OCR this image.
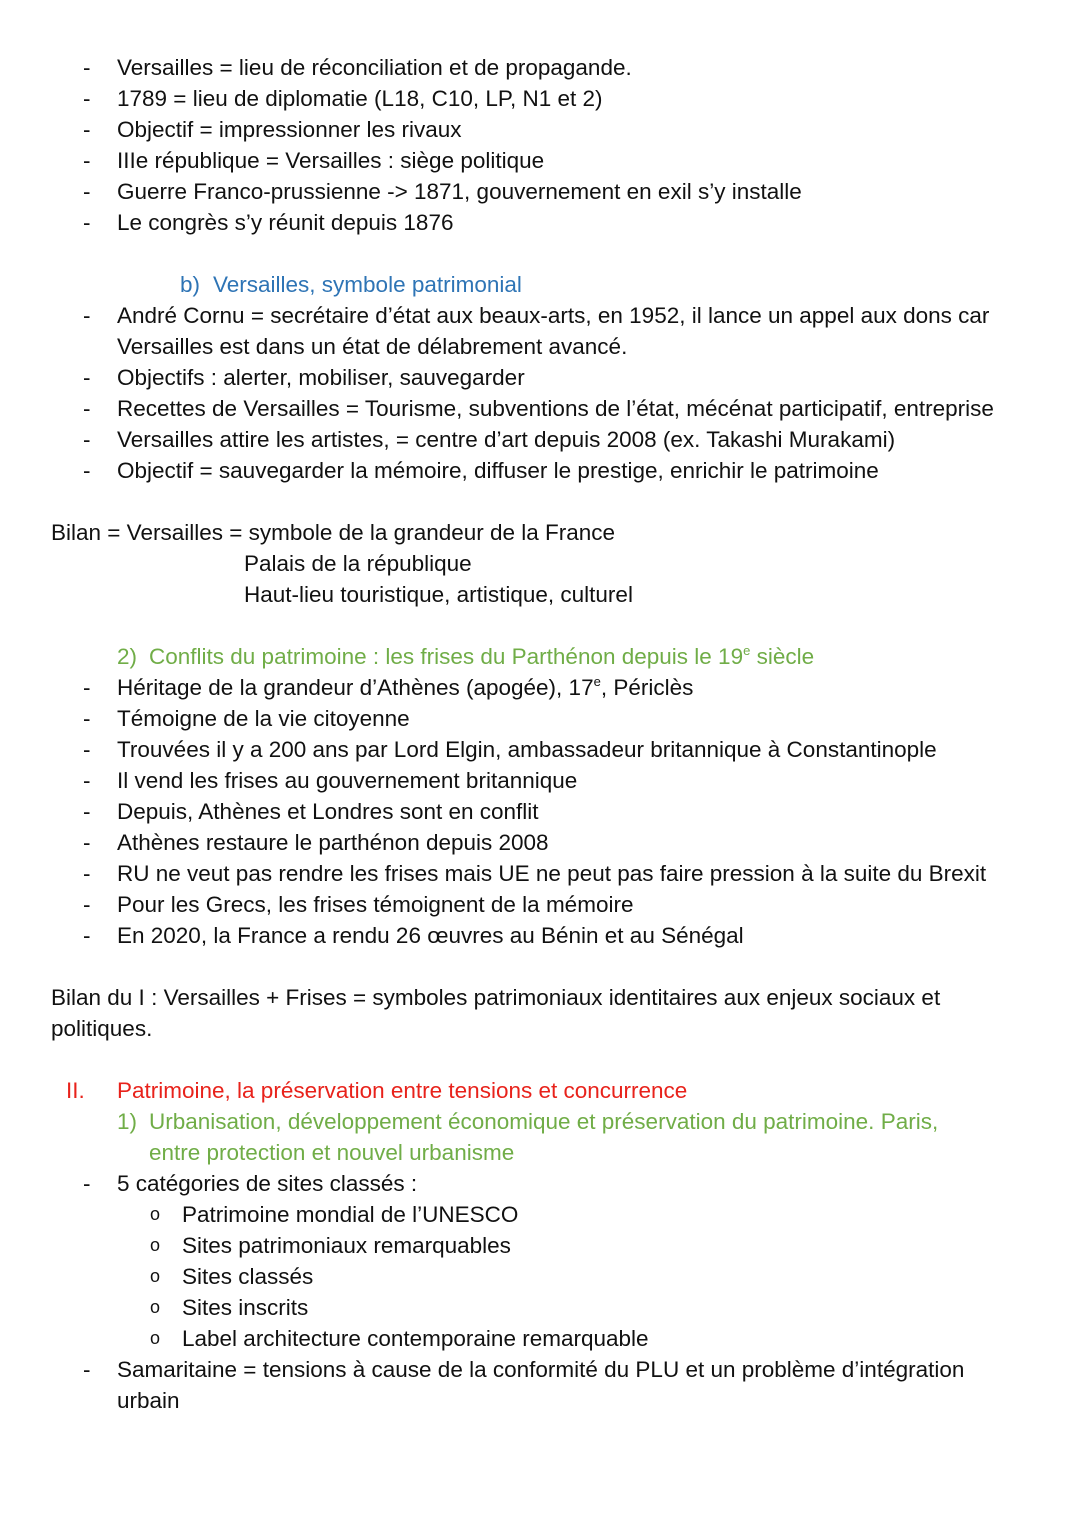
- Versailles = lieu de réconciliation et de propagande.
- 1789 = lieu de diplomatie (L18, C10, LP, N1 et 2)
- Objectif = impressionner les rivaux
- IIIe république = Versailles : siège politique
- Guerre Franco-prussienne -> 1871, gouvernement en exil s’y installe
- Le congrès s’y réunit depuis 1876
b) Versailles, symbole patrimonial
- André Cornu = secrétaire d’état aux beaux-arts, en 1952, il lance un appel aux dons car
Versailles est dans un état de délabrement avancé.
- Objectifs : alerter, mobiliser, sauvegarder
- Recettes de Versailles = Tourisme, subventions de l’état, mécénat participatif, entreprise
- Versailles attire les artistes, = centre d’art depuis 2008 (ex. Takashi Murakami)
- Objectif = sauvegarder la mémoire, diffuser le prestige, enrichir le patrimoine
Bilan = Versailles = symbole de la grandeur de la France
Palais de la république
Haut-lieu touristique, artistique, culturel
2) Conflits du patrimoine : les frises du Parthénon depuis le 19e siècle
- Héritage de la grandeur d’Athènes (apogée), 17e, Périclès
- Témoigne de la vie citoyenne
- Trouvées il y a 200 ans par Lord Elgin, ambassadeur britannique à Constantinople
- Il vend les frises au gouvernement britannique
- Depuis, Athènes et Londres sont en conflit
- Athènes restaure le parthénon depuis 2008
- RU ne veut pas rendre les frises mais UE ne peut pas faire pression à la suite du Brexit
- Pour les Grecs, les frises témoignent de la mémoire
- En 2020, la France a rendu 26 œuvres au Bénin et au Sénégal
Bilan du I : Versailles + Frises = symboles patrimoniaux identitaires aux enjeux sociaux et
politiques.
II. Patrimoine, la préservation entre tensions et concurrence
1) Urbanisation, développement économique et préservation du patrimoine. Paris,
entre protection et nouvel urbanisme
- 5 catégories de sites classés :
o Patrimoine mondial de l’UNESCO
o Sites patrimoniaux remarquables
o Sites classés
o Sites inscrits
o Label architecture contemporaine remarquable
- Samaritaine = tensions à cause de la conformité du PLU et un problème d’intégration
urbain
